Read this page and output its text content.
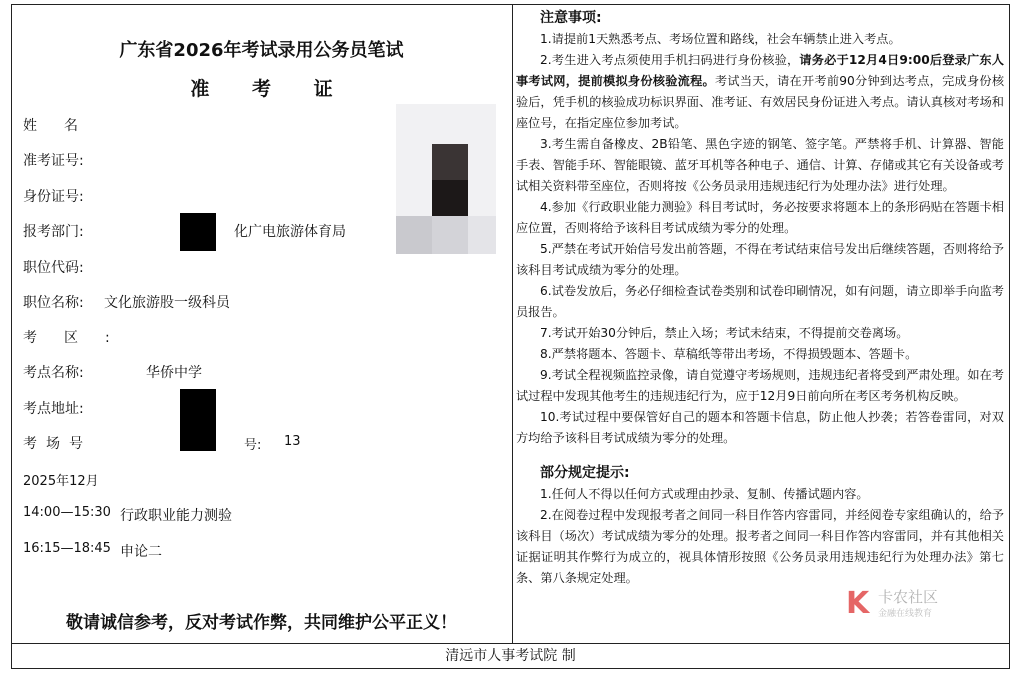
广东省2026年考试录用公务员笔试
准 考 证
姓名
准考证号:
身份证号:
报考部门:	化广电旅游体育局
职位代码:
职位名称: 文化旅游股一级科员
考区:
考点名称:	华侨中学
考点地址:
考场号	号: 13
2025年12月
14:00—15:30 行政职业能力测验
16:15—18:45 申论二
敬请诚信参考，反对考试作弊，共同维护公平正义！
注意事项:

1.请提前1天熟悉考点、考场位置和路线，社会车辆禁止进入考点。

2.考生进入考点须使用手机扫码进行身份核验，请务必于12月4日9:00后登录广东人事考试网，提前模拟身份核验流程。考试当天，请在开考前90分钟到达考点，完成身份核验后，凭手机的核验成功标识界面、准考证、有效居民身份证进入考点。请认真核对考场和座位号，在指定座位参加考试。

3.考生需自备橡皮、2B铅笔、黑色字迹的钢笔、签字笔。严禁将手机、计算器、智能手表、智能手环、智能眼镜、蓝牙耳机等各种电子、通信、计算、存储或其它有关设备或考试相关资料带至座位，否则将按《公务员录用违规违纪行为处理办法》进行处理。

4.参加《行政职业能力测验》科目考试时，务必按要求将题本上的条形码贴在答题卡相应位置，否则将给予该科目考试成绩为零分的处理。

5.严禁在考试开始信号发出前答题，不得在考试结束信号发出后继续答题，否则将给予该科目考试成绩为零分的处理。

6.试卷发放后，务必仔细检查试卷类别和试卷印刷情况，如有问题，请立即举手向监考员报告。

7.考试开始30分钟后，禁止入场；考试未结束，不得提前交卷离场。

8.严禁将题本、答题卡、草稿纸等带出考场，不得损毁题本、答题卡。

9.考试全程视频监控录像，请自觉遵守考场规则，违规违纪者将受到严肃处理。如在考试过程中发现其他考生的违规违纪行为，应于12月9日前向所在考区考务机构反映。

10.考试过程中要保管好自己的题本和答题卡信息，防止他人抄袭；若答卷雷同，对双方均给予该科目考试成绩为零分的处理。

部分规定提示:

1.任何人不得以任何方式或理由抄录、复制、传播试题内容。

2.在阅卷过程中发现报考者之间同一科目作答内容雷同，并经阅卷专家组确认的，给予该科目（场次）考试成绩为零分的处理。报考者之间同一科目作答内容雷同，并有其他相关证据证明其作弊行为成立的，视具体情形按照《公务员录用违规违纪行为处理办法》第七条、第八条规定处理。

K 卡农社区
金融在线教育
清远市人事考试院 制
